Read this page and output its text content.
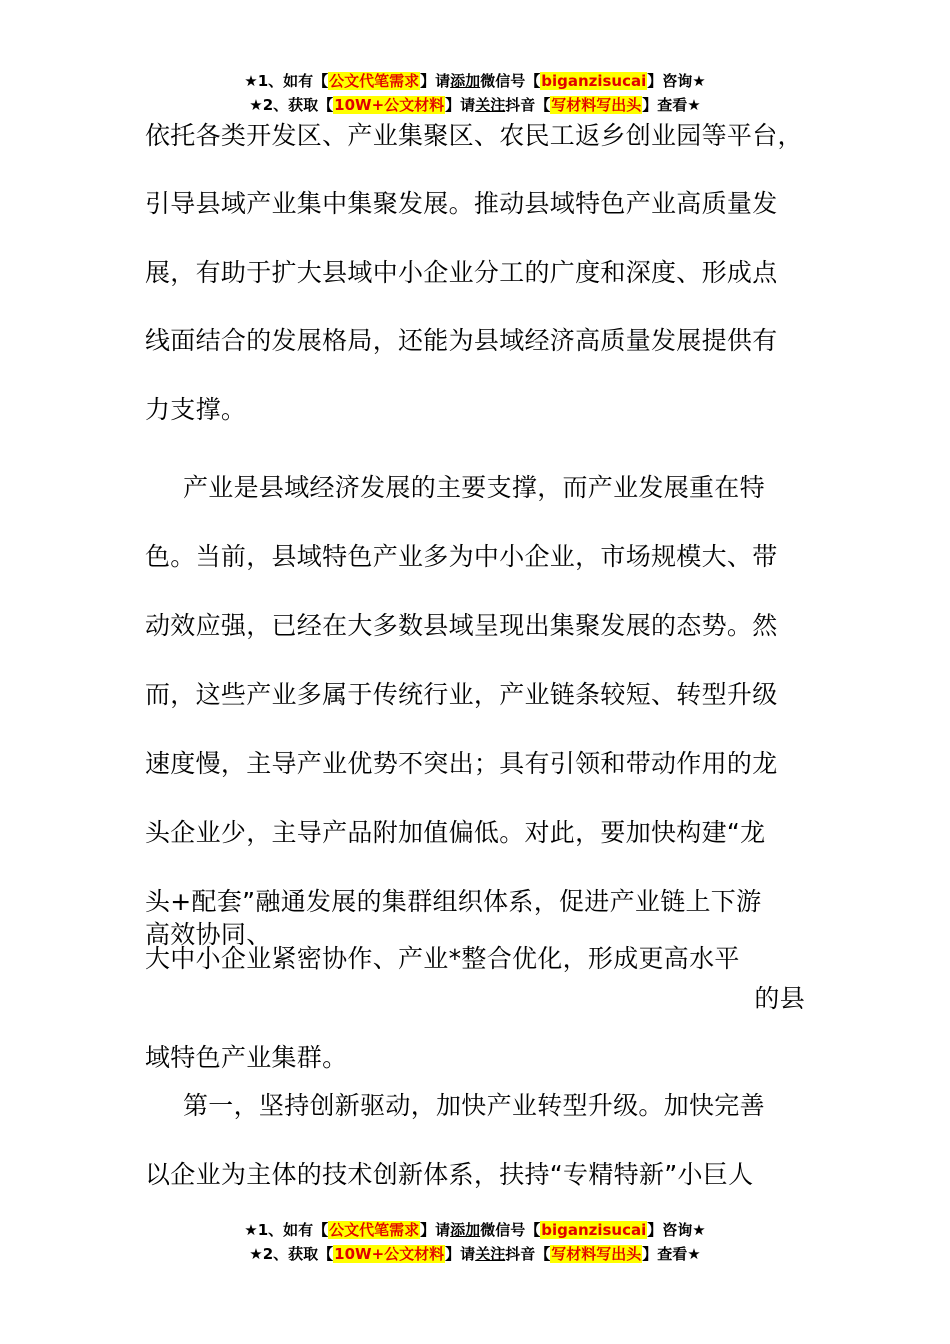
★1、如有【公文代笔需求】请添加微信号【biganzisucai】咨询★
★2、获取【10W+公文材料】请关注抖音【写材料写出头】查看★
依托各类开发区、产业集聚区、农民工返乡创业园等平台，
引导县域产业集中集聚发展。推动县域特色产业高质量发
展，有助于扩大县域中小企业分工的广度和深度、形成点
线面结合的发展格局，还能为县域经济高质量发展提供有
力支撑。
产业是县域经济发展的主要支撑，而产业发展重在特
色。当前，县域特色产业多为中小企业，市场规模大、带
动效应强，已经在大多数县域呈现出集聚发展的态势。然
而，这些产业多属于传统行业，产业链条较短、转型升级
速度慢，主导产业优势不突出；具有引领和带动作用的龙
头企业少，主导产品附加值偏低。对此，要加快构建“龙
头+配套”融通发展的集群组织体系，促进产业链上下游
高效协同、
大中小企业紧密协作、产业*整合优化，形成更高水平
的县
域特色产业集群。
第一，坚持创新驱动，加快产业转型升级。加快完善
以企业为主体的技术创新体系，扶持“专精特新”小巨人
★1、如有【公文代笔需求】请添加微信号【biganzisucai】咨询★
★2、获取【10W+公文材料】请关注抖音【写材料写出头】查看★
